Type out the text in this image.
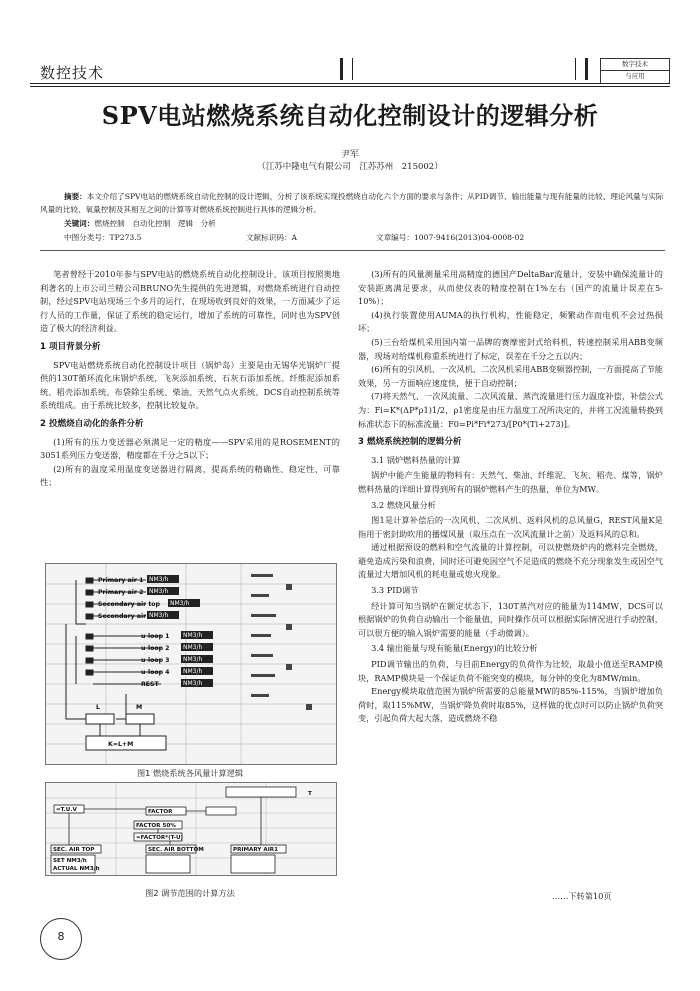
数控技术	数字技术
与应用
SPV电站燃烧系统自动化控制设计的逻辑分析
尹军
（江苏中隆电气有限公司　江苏苏州　215002）
摘要：本文介绍了SPV电站的燃烧系统自动化控制的设计逻辑，分析了该系统实现投燃烧自动化六个方面的要求与条件；从PID调节、输出能量与现有能量的比较、理论风量与实际风量的比较、氧量控制及其相互之间的计算等对燃烧系统控制进行具体的逻辑分析。
关键词：燃烧控制　自动化控制　逻辑　分析
中图分类号：TP273.5	文献标识码：A	文章编号：1007-9416(2013)04-0008-02

笔者曾经于2010年参与SPV电站的燃烧系统自动化控制设计，该项目按照奥地利著名的上市公司兰精公司BRUNO先生提供的先进逻辑，对燃烧系统进行自动控制，经过SPV电站现场三个多月的运行，在现场收到良好的效果，一方面减少了运行人员的工作量，保证了系统的稳定运行，增加了系统的可靠性，同时也为SPV创造了极大的经济利益。

1 项目背景分析

SPV电站燃烧系统自动化控制设计项目（锅炉岛）主要是由无锡华光锅炉厂提供的130T循环流化床锅炉系统，飞灰添加系统、石灰石添加系统、纤维泥添加系统、稻壳添加系统、布袋除尘系统、柴油、天然气点火系统、DCS自动控制系统等系统组成。由于系统比较多，控制比较复杂。

2 投燃烧自动化的条件分析

(1)所有的压力变送器必须满足一定的精度——SPV采用的是ROSEMENT的3051系列压力变送器，精度都在千分之5以下；

(2)所有的温度采用温度变送器进行隔离，提高系统的精确性、稳定性、可靠性；

Primary air 1
Primary air 2
Secondary air top
Secondary air
u-loop 1
u-loop 2
u-loop 3
u-loop 4
REST
L	M
K=L+M
NM3/h
NM3/h
NM3/h
NM3/h
NM3/h
NM3/h
NM3/h
NM3/h
NM3/h
图1 燃烧系统各风量计算逻辑
T
=T.U.V	FACTOR
FACTOR 50%
=FACTOR*(T-U)
SEC. AIR TOP	SEC. AIR BOTTOM	PRIMARY AIR1
SET NM3/h
ACTUAL NM3/h
图2 调节范围的计算方法

(3)所有的风量测量采用高精度的德国产DeltaBar流量计，安装中确保流量计的安装距离满足要求，从而使仪表的精度控制在1%左右（国产的流量计误差在5-10%）；

(4)执行装置使用AUMA的执行机构，性能稳定，频繁动作而电机不会过热损坏；

(5)三台给煤机采用国内第一品牌的赛摩密封式给料机，转速控制采用ABB变频器，现场对给煤机称重系统进行了标定，误差在千分之五以内；

(6)所有的引风机、一次风机、二次风机采用ABB变频器控制，一方面提高了节能效果，另一方面响应速度快，便于自动控制；

(7)将天然气、一次风流量、二次风流量、蒸汽流量进行压力温度补偿，补偿公式为：Fi=K*(ΔP*ρ1)1/2，ρ1密度是由压力温度工况所决定的，并将工况流量转换到标准状态下的标准流量：F0=Pi*Fi*273/[P0*(Ti+273)]。

3 燃烧系统控制的逻辑分析
3.1 锅炉燃料热量的计算

锅炉中能产生能量的物料有：天然气、柴油、纤维泥、飞灰、稻壳、煤等，锅炉燃料热量的详细计算得到所有的锅炉燃料产生的热量，单位为MW。

3.2 燃烧风量分析

图1是计算补偿后的一次风机、二次风机、返料风机的总风量G，REST风量K是指用于密封助吹用的播煤风量（取压点在一次风流量计之前）及返料风的总和。

通过根据预设的燃料和空气流量的计算控制，可以使燃烧炉内的燃料完全燃烧，避免造成污染和浪费，同时还可避免因空气不足造成的燃烧不充分现象发生或因空气流量过大增加风机的耗电量或熄火现象。

3.3 PID调节

经计算可知当锅炉在额定状态下，130T蒸汽对应的能量为114MW，DCS可以根据锅炉的负荷自动输出一个能量值，同时操作员可以根据实际情况进行手动控制，可以很方便的输入锅炉需要的能量（手动微调）。

3.4 输出能量与现有能量(Energy)的比较分析

PID调节输出的负荷，与目前Energy的负荷作为比较，取最小值送至RAMP模块，RAMP模块是一个保证负荷不能突变的模块，每分钟的变化为8MW/min。

Energy模块取值范围为锅炉所需要的总能量MW的85%-115%，当锅炉增加负荷时，取115%MW，当锅炉降负荷时取85%，这样做的优点时可以防止锅炉负荷突变，引起负荷大起大落，造成燃烧不稳

……下转第10页
8
